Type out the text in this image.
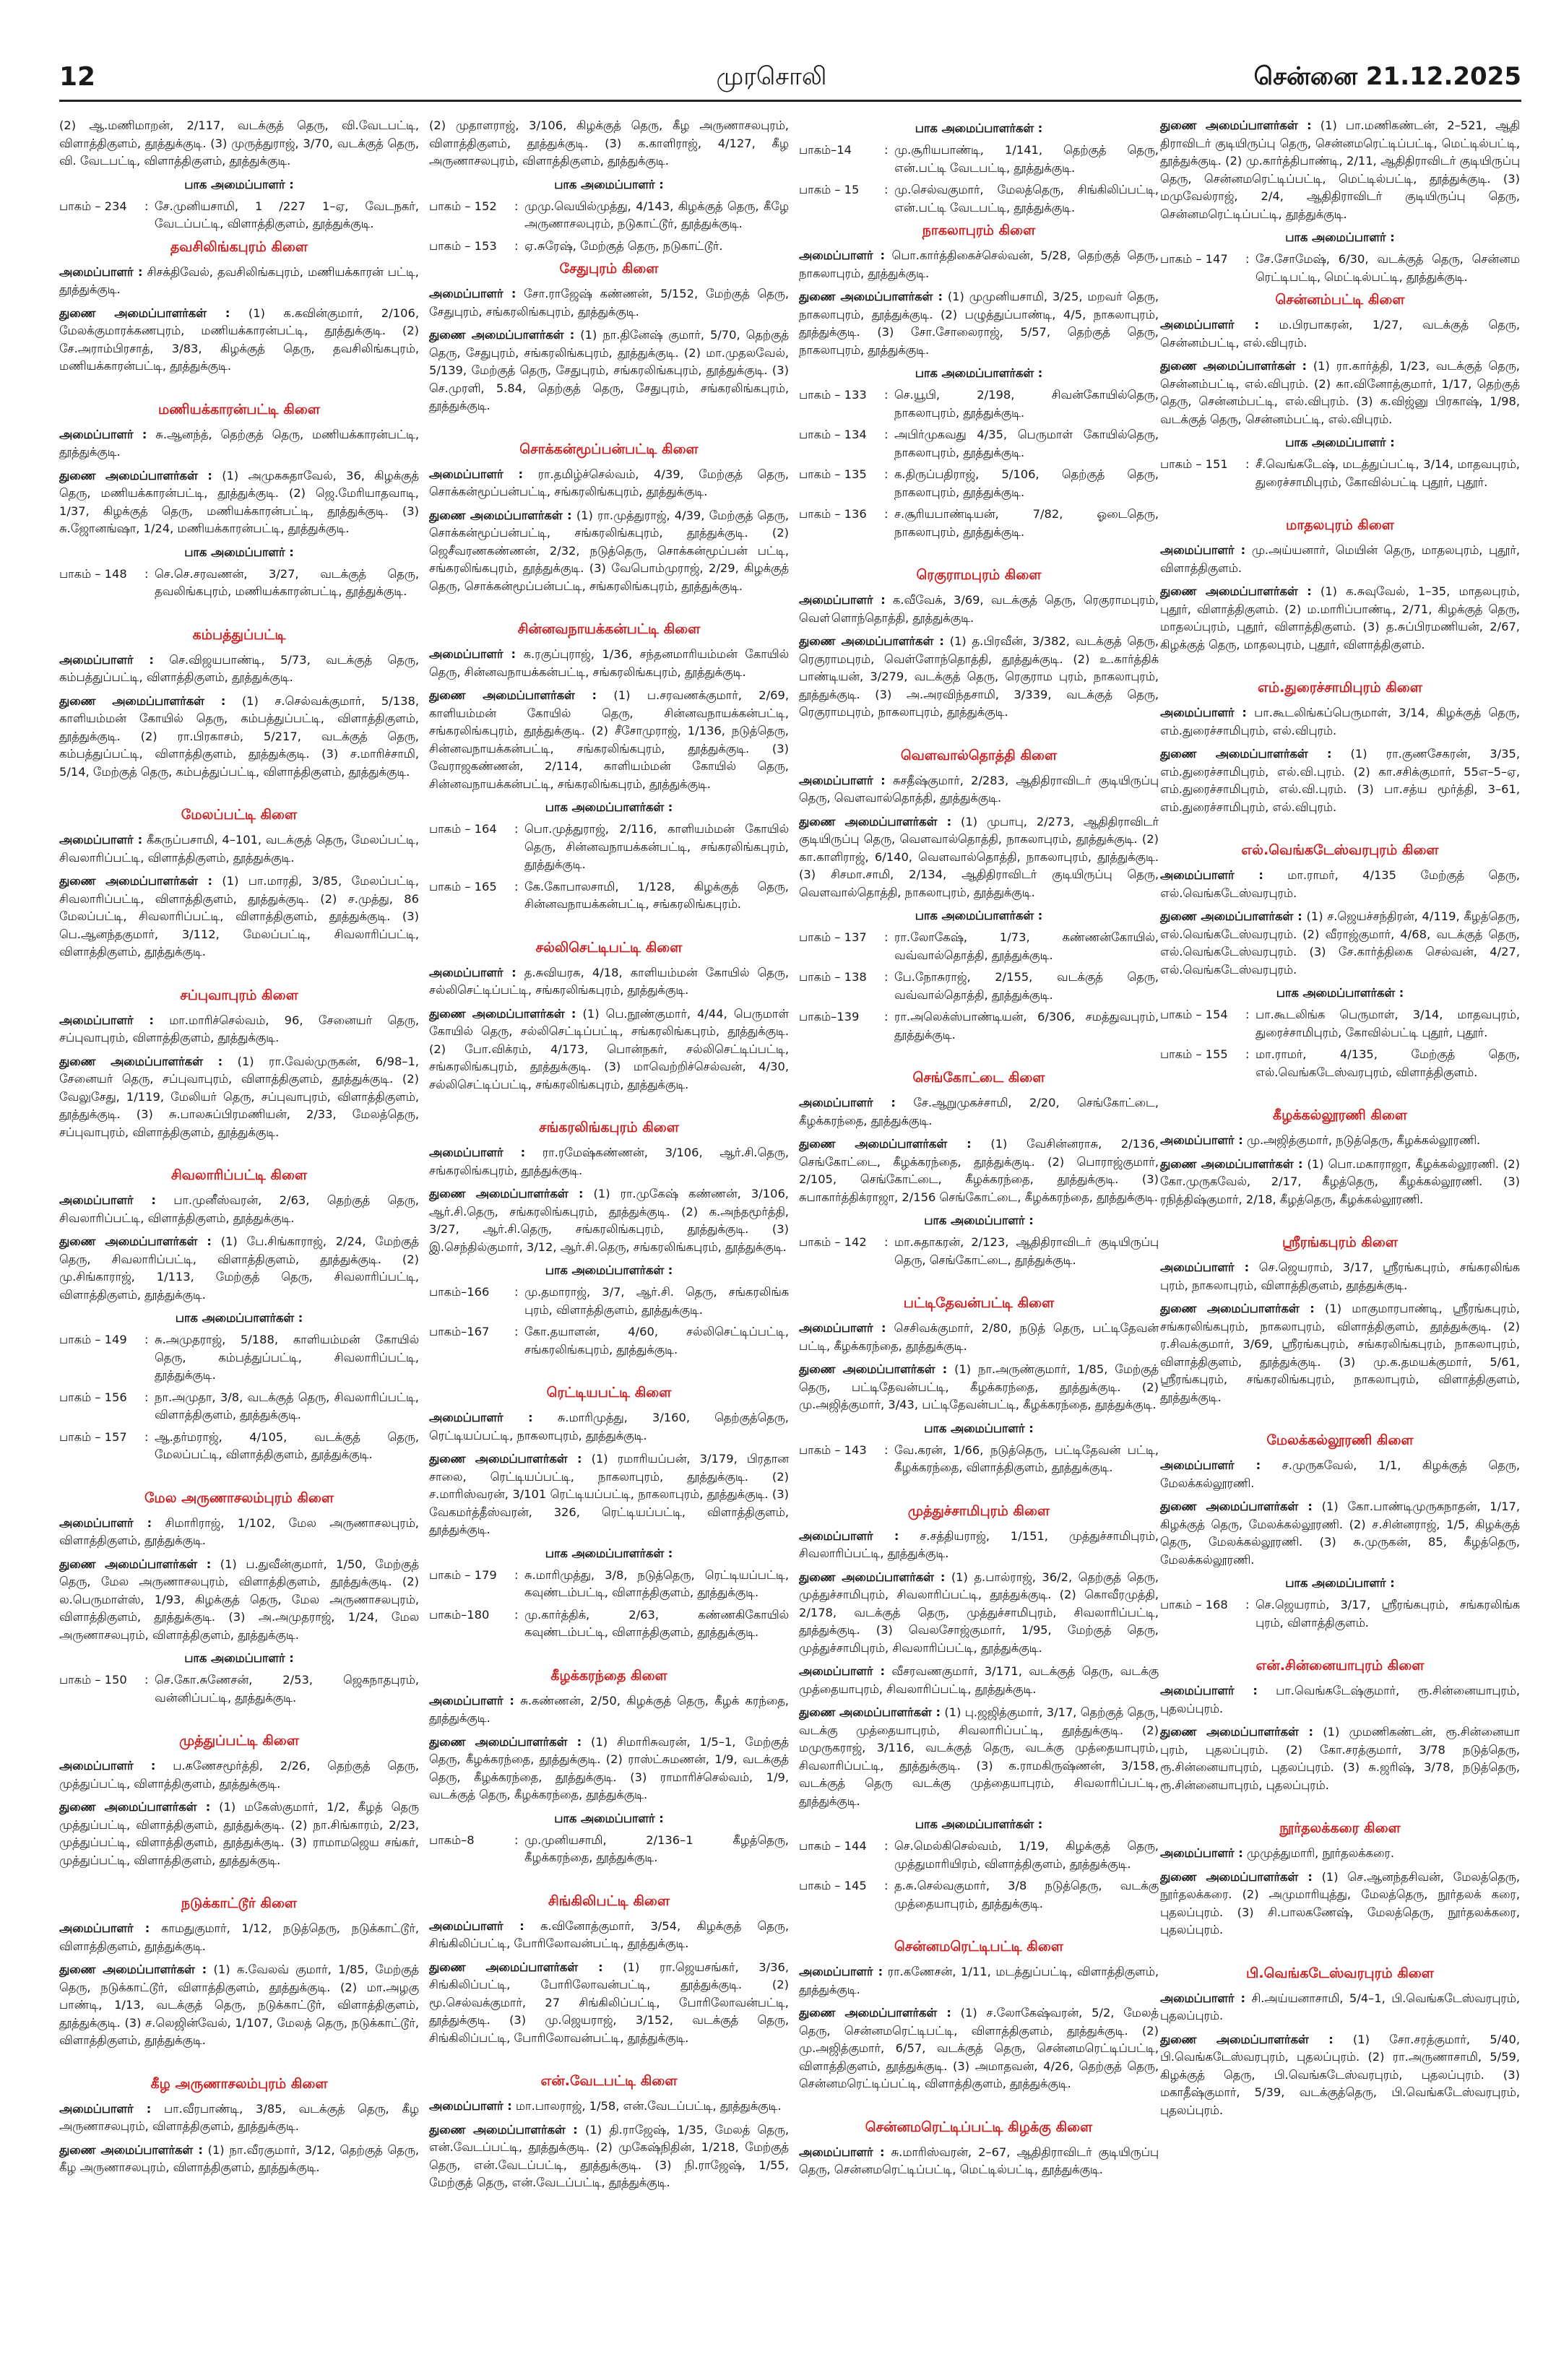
12	முரசொலி	சென்னை 21.12.2025

(2) ஆ.மணிமாறன், 2/117, வடக்குத் தெரு, வி.வேடபட்டி, விளாத்திகுளம், தூத்துக்குடி. (3) முருத்துராஜ், 3/70, வடக்குத் தெரு, வி. வேடபட்டி, விளாத்திகுளம், தூத்துக்குடி.

பாக அமைப்பாளர் :
பாகம் – 234	: சே.முனியசாமி, 1 /227 1–ஏ, வேடநகர், வேடப்பட்டி, விளாத்திகுளம், தூத்துக்குடி.
தவசிலிங்கபுரம் கிளை

அமைப்பாளர் : சிசக்திவேல், தவசிலிங்கபுரம், மணியக்காரன் பட்டி, தூத்துக்குடி.

துணை அமைப்பாளர்கள் : (1) க.கவின்குமார், 2/106, மேலக்குமாரக்கணபுரம், மணியக்காரன்பட்டி, தூத்துக்குடி. (2) சே.அராம்பிரசாத், 3/83, கிழக்குத் தெரு, தவசிலிங்கபுரம், மணியக்காரன்பட்டி, தூத்துக்குடி.

மணியக்காரன்பட்டி கிளை

அமைப்பாளர் : சு.ஆனந்த், தெற்குத் தெரு, மணியக்காரன்பட்டி, தூத்துக்குடி.

துணை அமைப்பாளர்கள் : (1) அமுகசுதாவேல், 36, கிழக்குத் தெரு, மணியக்காரன்பட்டி, தூத்துக்குடி. (2) ஜெ.மேரியாதவாடி, 1/37, கிழக்குத் தெரு, மணியக்காரன்பட்டி, தூத்துக்குடி. (3) சு.ஜோனங்ஷா, 1/24, மணியக்காரன்பட்டி, தூத்துக்குடி.

பாக அமைப்பாளர் :
பாகம் – 148	: செ.செ.சரவணன், 3/27, வடக்குத் தெரு, தவலிங்கபுரம், மணியக்காரன்பட்டி, தூத்துக்குடி.
கம்பத்துப்பட்டி

அமைப்பாளர் : செ.விஜயபாண்டி, 5/73, வடக்குத் தெரு, கம்பத்துப்பட்டி, விளாத்திகுளம், தூத்துக்குடி.

துணை அமைப்பாளர்கள் : (1) ச.செல்வக்குமார், 5/138, காளியம்மன் கோயில் தெரு, கம்பத்துப்பட்டி, விளாத்திகுளம், தூத்துக்குடி. (2) ரா.பிரகாசம், 5/217, வடக்குத் தெரு, கம்பத்துப்பட்டி, விளாத்திகுளம், தூத்துக்குடி. (3) ச.மாரிச்சாமி, 5/14, மேற்குத் தெரு, கம்பத்துப்பட்டி, விளாத்திகுளம், தூத்துக்குடி.

மேலப்பட்டி கிளை

அமைப்பாளர் : கீகருப்பசாமி, 4–101, வடக்குத் தெரு, மேலப்பட்டி, சிவலாரிப்பட்டி, விளாத்திகுளம், தூத்துக்குடி.

துணை அமைப்பாளர்கள் : (1) பா.மாரதி, 3/85, மேலப்பட்டி, சிவலாரிப்பட்டி, விளாத்திகுளம், தூத்துக்குடி. (2) ச.முத்து, 86 மேலப்பட்டி, சிவலாரிப்பட்டி, விளாத்திகுளம், தூத்துக்குடி. (3) பெ.ஆனந்தகுமார், 3/112, மேலப்பட்டி, சிவலாரிப்பட்டி, விளாத்திகுளம், தூத்துக்குடி.

சப்புவாபுரம் கிளை

அமைப்பாளர் : மா.மாரிச்செல்வம், 96, சேனையர் தெரு, சப்புவாபுரம், விளாத்திகுளம், தூத்துக்குடி.

துணை அமைப்பாளர்கள் : (1) ரா.வேல்முருகன், 6/98–1, சேனையர் தெரு, சப்புவாபுரம், விளாத்திகுளம், தூத்துக்குடி. (2) வேலுசேது, 1/119, மேலியர் தெரு, சப்புவாபுரம், விளாத்திகுளம், தூத்துக்குடி. (3) சு.பாலசுப்பிரமணியன், 2/33, மேலத்தெரு, சப்புவாபுரம், விளாத்திகுளம், தூத்துக்குடி.

சிவலாரிப்பட்டி கிளை

அமைப்பாளர் : பா.முனீஸ்வரன், 2/63, தெற்குத் தெரு, சிவலாரிப்பட்டி, விளாத்திகுளம், தூத்துக்குடி.

துணை அமைப்பாளர்கள் : (1) பே.சிங்காராஜ், 2/24, மேற்குத் தெரு, சிவலாரிப்பட்டி, விளாத்திகுளம், தூத்துக்குடி. (2) மு.சிங்காராஜ், 1/113, மேற்குத் தெரு, சிவலாரிப்பட்டி, விளாத்திகுளம், தூத்துக்குடி.

பாக அமைப்பாளர்கள் :
பாகம் – 149	: சு.அமுதராஜ், 5/188, காளியம்மன் கோயில் தெரு, கம்பத்துப்பட்டி, சிவலாரிப்பட்டி, தூத்துக்குடி.
பாகம் – 156	: நா.அமுதா, 3/8, வடக்குத் தெரு, சிவலாரிப்பட்டி, விளாத்திகுளம், தூத்துக்குடி.
பாகம் – 157	: ஆ.தர்மராஜ், 4/105, வடக்குத் தெரு, மேலப்பட்டி, விளாத்திகுளம், தூத்துக்குடி.
மேல அருணாசலம்புரம் கிளை

அமைப்பாளர் : சிமாரிராஜ், 1/102, மேல அருணாசலபுரம், விளாத்திகுளம், தூத்துக்குடி.

துணை அமைப்பாளர்கள் : (1) ப.துவீன்குமார், 1/50, மேற்குத் தெரு, மேல அருணாசலபுரம், விளாத்திகுளம், தூத்துக்குடி. (2) ல.பெருமாள்ஸ், 1/93, கிழக்குத் தெரு, மேல அருணாசலபுரம், விளாத்திகுளம், தூத்துக்குடி. (3) அ.அமுதராஜ், 1/24, மேல அருணாசலபுரம், விளாத்திகுளம், தூத்துக்குடி.

பாக அமைப்பாளர் :
பாகம் – 150	: செ.கோ.சுணேசன், 2/53, ஜெகநாதபுரம், வன்னிப்பட்டி, தூத்துக்குடி.
முத்துப்பட்டி கிளை

அமைப்பாளர் : ப.கணேசமூர்த்தி, 2/26, தெற்குத் தெரு, முத்துப்பட்டி, விளாத்திகுளம், தூத்துக்குடி.

துணை அமைப்பாளர்கள் : (1) மகேஸ்குமார், 1/2, கீழத் தெரு முத்துப்பட்டி, விளாத்திகுளம், தூத்துக்குடி. (2) நா.சிங்காரம், 2/23, முத்துப்பட்டி, விளாத்திகுளம், தூத்துக்குடி. (3) ராமாமஜெய சங்கர், முத்துப்பட்டி, விளாத்திகுளம், தூத்துக்குடி.

நடுக்காட்டூர் கிளை

அமைப்பாளர் : காமதுகுமார், 1/12, நடுத்தெரு, நடுக்காட்டூர், விளாத்திகுளம், தூத்துக்குடி.

துணை அமைப்பாளர்கள் : (1) க.வேலவ் குமார், 1/85, மேற்குத் தெரு, நடுக்காட்டூர், விளாத்திகுளம், தூத்துக்குடி. (2) மா.அழகு பாண்டி, 1/13, வடக்குத் தெரு, நடுக்காட்டூர், விளாத்திகுளம், தூத்துக்குடி. (3) ச.லெஜின்வேல், 1/107, மேலத் தெரு, நடுக்காட்டூர், விளாத்திகுளம், தூத்துக்குடி.

கீழ அருணாசலம்புரம் கிளை

அமைப்பாளர் : பா.வீரபாண்டி, 3/85, வடக்குத் தெரு, கீழ அருணாசலபுரம், விளாத்திகுளம், தூத்துக்குடி.

துணை அமைப்பாளர்கள் : (1) நா.வீரகுமார், 3/12, தெற்குத் தெரு, கீழ அருணாசலபுரம், விளாத்திகுளம், தூத்துக்குடி.

(2) முதாளராஜ், 3/106, கிழக்குத் தெரு, கீழ அருணாசலபுரம், விளாத்திகுளம், தூத்துக்குடி. (3) க.காளிராஜ், 4/127, கீழ அருணாசலபுரம், விளாத்திகுளம், தூத்துக்குடி.

பாக அமைப்பாளர் :
பாகம் – 152	: முமு.வெயில்முத்து, 4/143, கிழக்குத் தெரு, கீழே அருணாசலபுரம், நடுகாட்டூர், தூத்துக்குடி.
பாகம் – 153	: ஏ.சுரேஷ், மேற்குத் தெரு, நடுகாட்டூர்.
சேதுபுரம் கிளை

அமைப்பாளர் : சோ.ராஜேஷ் கண்ணன், 5/152, மேற்குத் தெரு, சேதுபுரம், சங்கரலிங்கபுரம், தூத்துக்குடி.

துணை அமைப்பாளர்கள் : (1) நா.தினேஷ் குமார், 5/70, தெற்குத் தெரு, சேதுபுரம், சங்கரலிங்கபுரம், தூத்துக்குடி. (2) மா.முதலவேல், 5/139, மேற்குத் தெரு, சேதுபுரம், சங்கரலிங்கபுரம், தூத்துக்குடி. (3) செ.முரளி, 5.84, தெற்குத் தெரு, சேதுபுரம், சங்கரலிங்கபுரம், தூத்துக்குடி.

சொக்கன்மூப்பன்பட்டி கிளை

அமைப்பாளர் : ரா.தமிழ்ச்செல்வம், 4/39, மேற்குத் தெரு, சொக்கன்மூப்பன்பட்டி, சங்கரலிங்கபுரம், தூத்துக்குடி.

துணை அமைப்பாளர்கள் : (1) ரா.முத்துராஜ், 4/39, மேற்குத் தெரு, சொக்கன்மூப்பன்பட்டி, சங்கரலிங்கபுரம், தூத்துக்குடி. (2) ஜெசீவரணகண்ணன், 2/32, நடுத்தெரு, சொக்கன்மூப்பன் பட்டி, சங்கரலிங்கபுரம், தூத்துக்குடி. (3) வேபொம்முராஜ், 2/29, கிழக்குத் தெரு, சொக்கன்மூப்பன்பட்டி, சங்கரலிங்கபுரம், தூத்துக்குடி.

சின்னவநாயக்கன்பட்டி கிளை

அமைப்பாளர் : க.ரகுப்புராஜ், 1/36, சந்தனமாரியம்மன் கோயில் தெரு, சின்னவநாயக்கன்பட்டி, சங்கரலிங்கபுரம், தூத்துக்குடி.

துணை அமைப்பாளர்கள் : (1) ப.சரவணக்குமார், 2/69, காளியம்மன் கோயில் தெரு, சின்னவநாயக்கன்பட்டி, சங்கரலிங்கபுரம், தூத்துக்குடி. (2) சீசோமுராஜ், 1/136, நடுத்தெரு, சின்னவநாயக்கன்பட்டி, சங்கரலிங்கபுரம், தூத்துக்குடி. (3) வேராஜகண்ணன், 2/114, காளியம்மன் கோயில் தெரு, சின்னவநாயக்கன்பட்டி, சங்கரலிங்கபுரம், தூத்துக்குடி.

பாக அமைப்பாளர்கள் :
பாகம் – 164	: பொ.முத்துராஜ், 2/116, காளியம்மன் கோயில் தெரு, சின்னவநாயக்கன்பட்டி, சங்கரலிங்கபுரம், தூத்துக்குடி.
பாகம் – 165	: கே.கோபாலசாமி, 1/128, கிழக்குத் தெரு, சின்னவநாயக்கன்பட்டி, சங்கரலிங்கபுரம்.
சல்லிசெட்டிபட்டி கிளை

அமைப்பாளர் : த.சுவியரசு, 4/18, காளியம்மன் கோயில் தெரு, சல்லிசெட்டிப்பட்டி, சங்கரலிங்கபுரம், தூத்துக்குடி.

துணை அமைப்பாளர்கள் : (1) பெ.நூண்குமார், 4/44, பெருமாள் கோயில் தெரு, சல்லிசெட்டிப்பட்டி, சங்கரலிங்கபுரம், தூத்துக்குடி. (2) போ.விக்ரம், 4/173, பொன்நகர், சல்லிசெட்டிப்பட்டி, சங்கரலிங்கபுரம், தூத்துக்குடி. (3) மாவெற்றிச்செல்வன், 4/30, சல்லிசெட்டிப்பட்டி, சங்கரலிங்கபுரம், தூத்துக்குடி.

சங்கரலிங்கபுரம் கிளை

அமைப்பாளர் : ரா.ரமேஷ்கண்ணன், 3/106, ஆர்.சி.தெரு, சங்கரலிங்கபுரம், தூத்துக்குடி.

துணை அமைப்பாளர்கள் : (1) ரா.முகேஷ் கண்ணன், 3/106, ஆர்.சி.தெரு, சங்கரலிங்கபுரம், தூத்துக்குடி. (2) க.அந்தமூர்த்தி, 3/27, ஆர்.சி.தெரு, சங்கரலிங்கபுரம், தூத்துக்குடி. (3) இ.செந்தில்குமார், 3/12, ஆர்.சி.தெரு, சங்கரலிங்கபுரம், தூத்துக்குடி.

பாக அமைப்பாளர்கள் :
பாகம்–166	: மு.தமாராஜ், 3/7, ஆர்.சி. தெரு, சங்கரலிங்க புரம், விளாத்திகுளம், தூத்துக்குடி.
பாகம்–167	: கோ.தயாளன், 4/60, சல்லிசெட்டிப்பட்டி, சங்கரலிங்கபுரம், தூத்துக்குடி.
ரெட்டியபட்டி கிளை

அமைப்பாளர் : சு.மாரிமுத்து, 3/160, தெற்குத்தெரு, ரெட்டியப்பட்டி, நாகலாபுரம், தூத்துக்குடி.

துணை அமைப்பாளர்கள் : (1) ரமாரியப்பன், 3/179, பிரதான சாலை, ரெட்டியப்பட்டி, நாகலாபுரம், தூத்துக்குடி. (2) ச.மாரிஸ்வரன், 3/101 ரெட்டியப்பட்டி, நாகலாபுரம், தூத்துக்குடி. (3) வேகமர்த்தீஸ்வரன், 326, ரெட்டியப்பட்டி, விளாத்திகுளம், தூத்துக்குடி.

பாக அமைப்பாளர்கள் :
பாகம் – 179	: சு.மாரிமுத்து, 3/8, நடுத்தெரு, ரெட்டியப்பட்டி, கவுண்டம்பட்டி, விளாத்திகுளம், தூத்துக்குடி.
பாகம்–180	: மு.கார்த்திக், 2/63, கண்ணகிகோயில் கவுண்டம்பட்டி, விளாத்திகுளம், தூத்துக்குடி.
கீழக்கரந்தை கிளை

அமைப்பாளர் : சு.கண்ணன், 2/50, கிழக்குத் தெரு, கீழக் கரந்தை, தூத்துக்குடி.

துணை அமைப்பாளர்கள் : (1) சிமாரிசுவரன், 1/5–1, மேற்குத் தெரு, கீழக்கரந்தை, தூத்துக்குடி. (2) ராஸ்ட்சுமணன், 1/9, வடக்குத் தெரு, கீழக்கரந்தை, தூத்துக்குடி. (3) ராமாரிச்செல்வம், 1/9, வடக்குத் தெரு, கீழக்கரந்தை, தூத்துக்குடி.

பாக அமைப்பாளர் :
பாகம்–8	: மு.முனியசாமி, 2/136–1 கீழத்தெரு, கீழக்கரந்தை, தூத்துக்குடி.
சிங்கிலிபட்டி கிளை

அமைப்பாளர் : க.வினோத்குமார், 3/54, கிழக்குத் தெரு, சிங்கிலிப்பட்டி, போரிலோவன்பட்டி, தூத்துக்குடி.

துணை அமைப்பாளர்கள் : (1) ரா.ஜெயசங்கர், 3/36, சிங்கிலிப்பட்டி, போரிலோவன்பட்டி, தூத்துக்குடி. (2) மூ.செல்வக்குமார், 27 சிங்கிலிப்பட்டி, போரிலோவன்பட்டி, தூத்துக்குடி. (3) மு.ஜெயராஜ், 3/152, வடக்குத் தெரு, சிங்கிலிப்பட்டி, போரிலோவன்பட்டி, தூத்துக்குடி.

என்.வேடபட்டி கிளை

அமைப்பாளர் : மா.பாலராஜ், 1/58, என்.வேடப்பட்டி, தூத்துக்குடி.

துணை அமைப்பாளர்கள் : (1) தி.ராஜேஷ், 1/35, மேலத் தெரு, என்.வேடப்பட்டி, தூத்துக்குடி. (2) முகேஷ்நிதின், 1/218, மேற்குத் தெரு, என்.வேடப்பட்டி, தூத்துக்குடி. (3) நி.ராஜேஷ், 1/55, மேற்குத் தெரு, என்.வேடப்பட்டி, தூத்துக்குடி.

பாக அமைப்பாளர்கள் :
பாகம்–14	: மு.சூரியபாண்டி, 1/141, தெற்குத் தெரு, என்.பட்டி வேடபட்டி, தூத்துக்குடி.
பாகம் – 15	: மு.செல்வகுமார், மேலத்தெரு, சிங்கிலிப்பட்டி, என்.பட்டி வேடபட்டி, தூத்துக்குடி.
நாகலாபுரம் கிளை

அமைப்பாளர் : பொ.கார்த்திகைச்செல்வன், 5/28, தெற்குத் தெரு, நாகலாபுரம், தூத்துக்குடி.

துணை அமைப்பாளர்கள் : (1) முமுனியசாமி, 3/25, மறவர் தெரு, நாகலாபுரம், தூத்துக்குடி. (2) பழுத்துப்பாண்டி, 4/5, நாகலாபுரம், தூத்துக்குடி. (3) சோ.சோலைராஜ், 5/57, தெற்குத் தெரு, நாகலாபுரம், தூத்துக்குடி.

பாக அமைப்பாளர்கள் :
பாகம் – 133	: செ.யூபி, 2/198, சிவன்கோயில்தெரு, நாகலாபுரம், தூத்துக்குடி.
பாகம் – 134	: அபிர்முகவது 4/35, பெருமாள் கோயில்தெரு, நாகலாபுரம், தூத்துக்குடி.
பாகம் – 135	: க.திருப்பதிராஜ், 5/106, தெற்குத் தெரு, நாகலாபுரம், தூத்துக்குடி.
பாகம் – 136	: ச.சூரியபாண்டியன், 7/82, ஓடைதெரு, நாகலாபுரம், தூத்துக்குடி.
ரெகுராமபுரம் கிளை

அமைப்பாளர் : க.வீவேக், 3/69, வடக்குத் தெரு, ரெகுராமபுரம், வௌ்ளொந்தொத்தி, தூத்துக்குடி.

துணை அமைப்பாளர்கள் : (1) த.பிரவீன், 3/382, வடக்குத் தெரு, ரெகுராமபுரம், வெள்ளோந்தொத்தி, தூத்துக்குடி. (2) உ.கார்த்திக் பாண்டியன், 3/279, வடக்குத் தெரு, ரெகுராம புரம், நாகலாபுரம், தூத்துக்குடி. (3) அ.அரவிந்தசாமி, 3/339, வடக்குத் தெரு, ரெகுராமபுரம், நாகலாபுரம், தூத்துக்குடி.

வெளவால்தொத்தி கிளை

அமைப்பாளர் : சுசதீஷ்குமார், 2/283, ஆதிதிராவிடர் குடியிருப்பு தெரு, வெளவால்தொத்தி, தூத்துக்குடி.

துணை அமைப்பாளர்கள் : (1) முபாபு, 2/273, ஆதிதிராவிடர் குடியிருப்பு தெரு, வெளவால்தொத்தி, நாகலாபுரம், தூத்துக்குடி. (2) கா.காளிராஜ், 6/140, வெளவால்தொத்தி, நாகலாபுரம், தூத்துக்குடி. (3) சிசமா.சாமி, 2/134, ஆதிதிராவிடர் குடியிருப்பு தெரு, வெளவால்தொத்தி, நாகலாபுரம், தூத்துக்குடி.

பாக அமைப்பாளர்கள் :
பாகம் – 137	: ரா.லோகேஷ், 1/73, கண்ணன்கோயில், வவ்வால்தொத்தி, தூத்துக்குடி.
பாகம் – 138	: பே.நோசுராஜ், 2/155, வடக்குத் தெரு, வவ்வால்தொத்தி, தூத்துக்குடி.
பாகம்–139	: ரா.அலெக்ஸ்பாண்டியன், 6/306, சமத்துவபுரம், தூத்துக்குடி.
செங்கோட்டை கிளை

அமைப்பாளர் : சே.ஆறுமுகச்சாமி, 2/20, செங்கோட்டை, கீழக்கரந்தை, தூத்துக்குடி.

துணை அமைப்பாளர்கள் : (1) வேசின்னராசு, 2/136, செங்கோட்டை, கீழக்கரந்தை, தூத்துக்குடி. (2) பொராஜ்குமார், 2/105, செங்கோட்டை, கீழக்கரந்தை, தூத்துக்குடி. (3) சுபாகார்த்திக்ராஜா, 2/156 செங்கோட்டை, கீழக்கரந்தை, தூத்துக்குடி.

பாக அமைப்பாளர் :
பாகம் – 142	: மா.சுதாகரன், 2/123, ஆதிதிராவிடர் குடியிருப்பு தெரு, செங்கோட்டை, தூத்துக்குடி.
பட்டிதேவன்பட்டி கிளை

அமைப்பாளர் : செசிவக்குமார், 2/80, நடுத் தெரு, பட்டிதேவன் பட்டி, கீழக்கரந்தை, தூத்துக்குடி.

துணை அமைப்பாளர்கள் : (1) நா.அருண்குமார், 1/85, மேற்குத் தெரு, பட்டிதேவன்பட்டி, கீழக்கரந்தை, தூத்துக்குடி. (2) மு.அஜித்குமார், 3/43, பட்டிதேவன்பட்டி, கீழக்கரந்தை, தூத்துக்குடி.

பாக அமைப்பாளர் :
பாகம் – 143	: வே.கரன், 1/66, நடுத்தெரு, பட்டிதேவன் பட்டி, கீழக்கரந்தை, விளாத்திகுளம், தூத்துக்குடி.
முத்துச்சாமிபுரம் கிளை

அமைப்பாளர் : ச.சத்தியராஜ், 1/151, முத்துச்சாமிபுரம், சிவலாரிப்பட்டி, தூத்துக்குடி.

துணை அமைப்பாளர்கள் : (1) த.பால்ராஜ், 36/2, தெற்குத் தெரு, முத்துச்சாமிபுரம், சிவலாரிப்பட்டி, தூத்துக்குடி. (2) கொவீரமுத்தி, 2/178, வடக்குத் தெரு, முத்துச்சாமிபுரம், சிவலாரிப்பட்டி, தூத்துக்குடி. (3) வெலசோஜ்குமார், 1/95, மேற்குத் தெரு, முத்துச்சாமிபுரம், சிவலாரிப்பட்டி, தூத்துக்குடி.

அமைப்பாளர் : வீசரவணகுமார், 3/171, வடக்குத் தெரு, வடக்கு முத்தையாபுரம், சிவலாரிப்பட்டி, தூத்துக்குடி.

துணை அமைப்பாளர்கள் : (1) பு.ஜஜித்குமார், 3/17, தெற்குத் தெரு, வடக்கு முத்தையாபுரம், சிவலாரிப்பட்டி, தூத்துக்குடி. (2) மமுருகராஜ், 3/116, வடக்குத் தெரு, வடக்கு முத்தையாபுரம், சிவலாரிப்பட்டி, தூத்துக்குடி. (3) க.ராமகிருஷ்ணன், 3/158, வடக்குத் தெரு வடக்கு முத்தையாபுரம், சிவலாரிப்பட்டி, தூத்துக்குடி.

பாக அமைப்பாளர்கள் :
பாகம் – 144	: செ.மெல்கிசெல்வம், 1/19, கிழக்குத் தெரு, முத்துமாரியிரம், விளாத்திகுளம், தூத்துக்குடி.
பாகம் – 145	: த.சு.செல்வகுமார், 3/8 நடுத்தெரு, வடக்கு முத்தையாபுரம், தூத்துக்குடி.
சென்னமரெட்டிபட்டி கிளை

அமைப்பாளர் : ரா.கணேசன், 1/11, மடத்துப்பட்டி, விளாத்திகுளம், தூத்துக்குடி.

துணை அமைப்பாளர்கள் : (1) ச.லோகேஷ்வரன், 5/2, மேலத் தெரு, சென்னமரெட்டிபட்டி, விளாத்திகுளம், தூத்துக்குடி. (2) மு.அஜித்குமார், 6/57, வடக்குத் தெரு, சென்னமரெட்டிப்பட்டி, விளாத்திகுளம், தூத்துக்குடி. (3) அமாதவன், 4/26, தெற்குத் தெரு, சென்னமரெட்டிப்பட்டி, விளாத்திகுளம், தூத்துக்குடி.

சென்னமரெட்டிப்பட்டி கிழக்கு கிளை

அமைப்பாளர் : சு.மாரிஸ்வரன், 2–67, ஆதிதிராவிடர் குடியிருப்பு தெரு, சென்னமரெட்டிப்பட்டி, மெட்டில்பட்டி, தூத்துக்குடி.

துணை அமைப்பாளர்கள் : (1) பா.மணிகண்டன், 2–521, ஆதி திராவிடர் குடியிருப்பு தெரு, சென்னமரெட்டிப்பட்டி, மெட்டில்பட்டி, தூத்துக்குடி. (2) மு.கார்த்திபாண்டி, 2/11, ஆதிதிராவிடர் குடியிருப்பு தெரு, சென்னமரெட்டிப்பட்டி, மெட்டில்பட்டி, தூத்துக்குடி. (3) மமுவேல்ராஜ், 2/4, ஆதிதிராவிடர் குடியிருப்பு தெரு, சென்னமரெட்டிப்பட்டி, தூத்துக்குடி.

பாக அமைப்பாளர் :
பாகம் – 147	: சே.சோமேஷ், 6/30, வடக்குத் தெரு, சென்னம ரெட்டிபட்டி, மெட்டில்பட்டி, தூத்துக்குடி.
சென்னம்பட்டி கிளை

அமைப்பாளர் : ம.பிரபாகரன், 1/27, வடக்குத் தெரு, சென்னம்பட்டி, எல்.விபுரம்.

துணை அமைப்பாளர்கள் : (1) ரா.கார்த்தி, 1/23, வடக்குத் தெரு, சென்னம்பட்டி, எல்.விபுரம். (2) கா.வினோத்குமார், 1/17, தெற்குத் தெரு, சென்னம்பட்டி, எல்.விபுரம். (3) க.விஜ்னு பிரகாஷ், 1/98, வடக்குத் தெரு, சென்னம்பட்டி, எல்.விபுரம்.

பாக அமைப்பாளர் :
பாகம் – 151	: சீ.வெங்கடேஷ், மடத்துப்பட்டி, 3/14, மாதவபுரம், துரைச்சாமிபுரம், கோவில்பட்டி புதூர், புதூர்.
மாதலபுரம் கிளை

அமைப்பாளர் : மு.அய்யனார், மெயின் தெரு, மாதலபுரம், புதூர், விளாத்திகுளம்.

துணை அமைப்பாளர்கள் : (1) க.சுவுவேல், 1–35, மாதலபுரம், புதூர், விளாத்திகுளம். (2) ம.மாரிப்பாண்டி, 2/71, கிழக்குத் தெரு, மாதலப்புரம், புதூர், விளாத்திகுளம். (3) த.சுப்பிரமணியன், 2/67, கிழக்குத் தெரு, மாதலபுரம், புதூர், விளாத்திகுளம்.

எம்.துரைச்சாமிபுரம் கிளை

அமைப்பாளர் : பா.கூடலிங்கப்பெருமாள், 3/14, கிழக்குத் தெரு, எம்.துரைச்சாமிபுரம், எல்.விபுரம்.

துணை அமைப்பாளர்கள் : (1) ரா.குணசேகரன், 3/35, எம்.துரைச்சாமிபுரம், எல்.வி.புரம். (2) கா.சசிக்குமார், 55எ–5–ஏ, எம்.துரைச்சாமிபுரம், எல்.வி.புரம். (3) பா.சத்ய மூர்த்தி, 3–61, எம்.துரைச்சாமிபுரம், எல்.விபுரம்.

எல்.வெங்கடேஸ்வரபுரம் கிளை

அமைப்பாளர் : மா.ராமர், 4/135 மேற்குத் தெரு, எல்.வெங்கடேஸ்வரபுரம்.

துணை அமைப்பாளர்கள் : (1) ச.ஜெயச்சந்திரன், 4/119, கீழத்தெரு, எல்.வெங்கடேஸ்வரபுரம். (2) வீராஜ்குமார், 4/68, வடக்குத் தெரு, எல்.வெங்கடேஸ்வரபுரம். (3) சே.கார்த்திகை செல்வன், 4/27, எல்.வெங்கடேஸ்வரபுரம்.

பாக அமைப்பாளர்கள் :
பாகம் – 154	: பா.கூடலிங்க பெருமாள், 3/14, மாதவபுரம், துரைச்சாமிபுரம், கோவில்பட்டி புதூர், புதூர்.
பாகம் – 155	: மா.ராமர், 4/135, மேற்குத் தெரு, எல்.வெங்கடேஸ்வரபுரம், விளாத்திகுளம்.
கீழக்கல்லூரணி கிளை

அமைப்பாளர் : மு.அஜித்குமார், நடுத்தெரு, கீழக்கல்லூரணி.

துணை அமைப்பாளர்கள் : (1) பொ.மகாராஜா, கீழக்கல்லூரணி. (2) கோ.முருகவேல், 2/17, கீழத்தெரு, கீழக்கல்லூரணி. (3) ரநித்திஷ்குமார், 2/18, கீழத்தெரு, கீழக்கல்லூரணி.

ஸ்ரீரங்கபுரம் கிளை

அமைப்பாளர் : செ.ஜெயராம், 3/17, ஸ்ரீரங்கபுரம், சங்கரலிங்க புரம், நாகலாபுரம், விளாத்திகுளம், தூத்துக்குடி.

துணை அமைப்பாளர்கள் : (1) மாகுமாரபாண்டி, ஸ்ரீரங்கபுரம், சங்கரலிங்கபுரம், நாகலாபுரம், விளாத்திகுளம், தூத்துக்குடி. (2) ர.சிவக்குமார், 3/69, ஸ்ரீரங்கபுரம், சங்கரலிங்கபுரம், நாகலாபுரம், விளாத்திகுளம், தூத்துக்குடி. (3) மு.க.தமயக்குமார், 5/61, ஸ்ரீரங்கபுரம், சங்கரலிங்கபுரம், நாகலாபுரம், விளாத்திகுளம், தூத்துக்குடி.

மேலக்கல்லூரணி கிளை

அமைப்பாளர் : ச.முருகவேல், 1/1, கிழக்குத் தெரு, மேலக்கல்லூரணி.

துணை அமைப்பாளர்கள் : (1) கோ.பாண்டிமுருகநாதன், 1/17, கிழக்குத் தெரு, மேலக்கல்லூரணி. (2) ச.சின்னராஜ், 1/5, கிழக்குத் தெரு, மேலக்கல்லூரணி. (3) சு.முருகன், 85, கீழத்தெரு, மேலக்கல்லூரணி.

பாக அமைப்பாளர் :
பாகம் – 168	: செ.ஜெயராம், 3/17, ஸ்ரீரங்கபுரம், சங்கரலிங்க புரம், விளாத்திகுளம்.
என்.சின்னையாபுரம் கிளை

அமைப்பாளர் : பா.வெங்கடேஷ்குமார், ரூ.சின்னையாபுரம், புதலப்புரம்.

துணை அமைப்பாளர்கள் : (1) முமணிகண்டன், ரூ.சின்னையா புரம், புதலப்புரம். (2) கோ.சரத்குமார், 3/78 நடுத்தெரு, ரூ.சின்னையாபுரம், புதலப்புரம். (3) சு.ஜரிஷ், 3/78, நடுத்தெரு, ரூ.சின்னையாபுரம், புதலப்புரம்.

நூர்தலக்கரை கிளை

அமைப்பாளர் : முமுத்துமாரி, நூர்தலக்கரை.

துணை அமைப்பாளர்கள் : (1) செ.ஆனந்தசிவன், மேலத்தெரு, நூர்தலக்கரை. (2) அமுமாரியுத்து, மேலத்தெரு, நூர்தலக் கரை, புதலப்புரம். (3) சி.பாலகணேஷ், மேலத்தெரு, நூர்தலக்கரை, புதலப்புரம்.

பி.வெங்கடேஸ்வரபுரம் கிளை

அமைப்பாளர் : சி.அய்யனாசாமி, 5/4–1, பி.வெங்கடேஸ்வரபுரம், புதலப்புரம்.

துணை அமைப்பாளர்கள் : (1) சோ.சரத்குமார், 5/40, பி.வெங்கடேஸ்வரபுரம், புதலப்புரம். (2) ரா.அருணாசாமி, 5/59, கிழக்குத் தெரு, பி.வெங்கடேஸ்வரபுரம், புதலப்புரம். (3) மகாதீஷ்குமார், 5/39, வடக்குத்தெரு, பி.வெங்கடேஸ்வரபுரம், புதலப்புரம்.
